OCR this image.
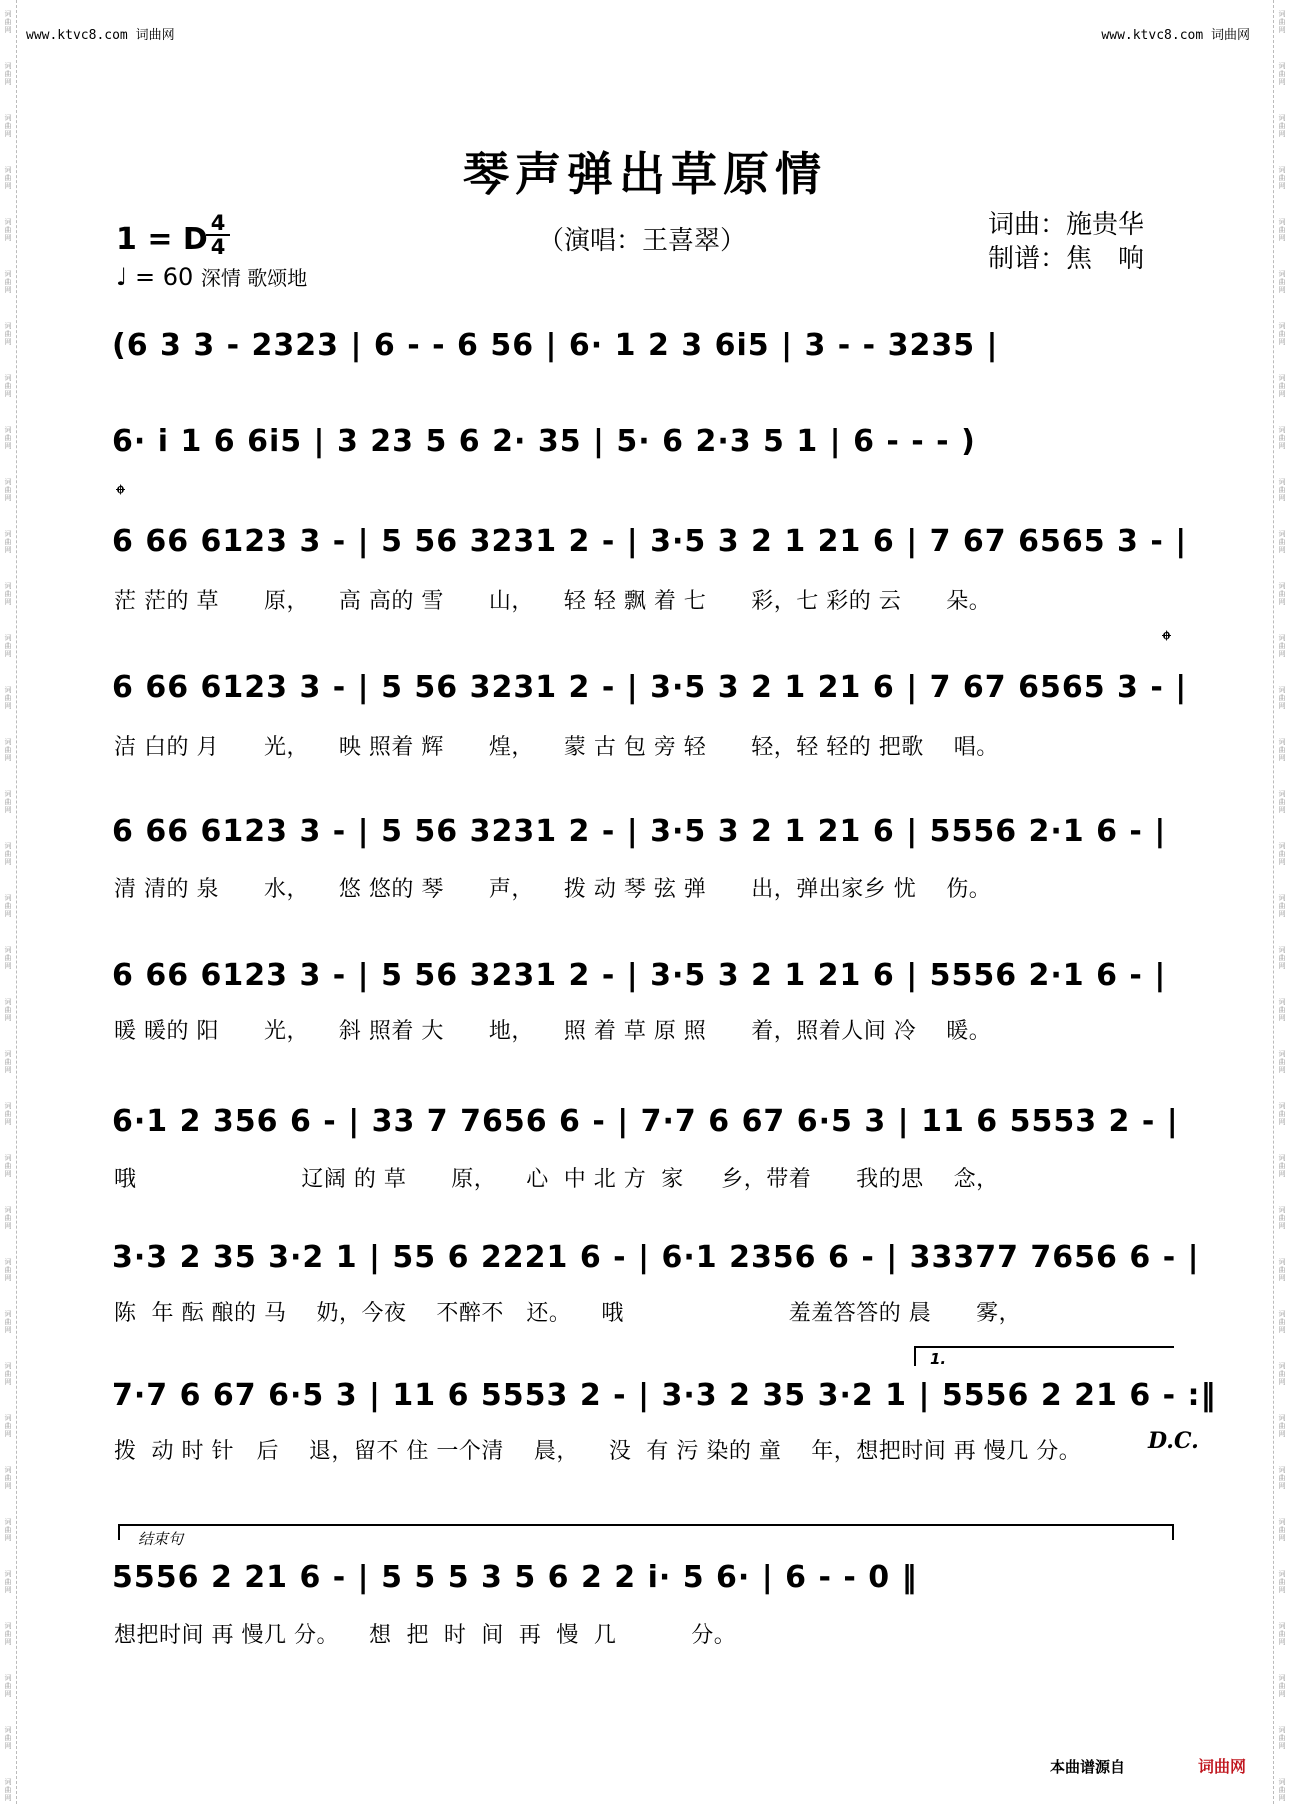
词
曲
网
词
曲
网
词
曲
网
词
曲
网
词
曲
网
词
曲
网
词
曲
网
词
曲
网
词
曲
网
词
曲
网
词
曲
网
词
曲
网
词
曲
网
词
曲
网
词
曲
网
词
曲
网
词
曲
网
词
曲
网
词
曲
网
词
曲
网
词
曲
网
词
曲
网
词
曲
网
词
曲
网
词
曲
网
词
曲
网
词
曲
网
词
曲
网
词
曲
网
词
曲
网
词
曲
网
词
曲
网
词
曲
网
词
曲
网
词
曲
网
词
曲
网
词
曲
网
词
曲
网
词
曲
网
词
曲
网
词
曲
网
词
曲
网
词
曲
网
词
曲
网
词
曲
网
词
曲
网
词
曲
网
词
曲
网
词
曲
网
词
曲
网
词
曲
网
词
曲
网
词
曲
网
词
曲
网
词
曲
网
词
曲
网
词
曲
网
词
曲
网
词
曲
网
词
曲
网
词
曲
网
词
曲
网
词
曲
网
词
曲
网
词
曲
网
词
曲
网
词
曲
网
词
曲
网
词
曲
网
词
曲
网
www.ktvc8.com 词曲网	www.ktvc8.com 词曲网
琴声弹出草原情
1 = D 4
4
♩ = 60 深情 歌颂地
（演唱：王喜翠）
词曲：施贵华
制谱：焦　响
(6 3 3 - 2323 | 6 - - 6 56 | 6· 1 2 3 6i5 | 3 - - 3235 |
6· i 1 6 6i5 | 3 23 5 6 2· 35 | 5· 6 2·3 5 1 | 6 - - - )
𝄌
6 66 6123 3 - | 5 56 3231 2 - | 3·5 3 2 1 21 6 | 7 67 6565 3 - |
茫 茫的 草      原，    高 高的 雪      山，    轻 轻 飘 着 七      彩，七 彩的 云      朵。
𝄌
6 66 6123 3 - | 5 56 3231 2 - | 3·5 3 2 1 21 6 | 7 67 6565 3 - |
洁 白的 月      光，    映 照着 辉      煌，    蒙 古 包 旁 轻      轻，轻 轻的 把歌    唱。
6 66 6123 3 - | 5 56 3231 2 - | 3·5 3 2 1 21 6 | 5556 2·1 6 - |
清 清的 泉      水，    悠 悠的 琴      声，    拨 动 琴 弦 弹      出，弹出家乡 忧    伤。
6 66 6123 3 - | 5 56 3231 2 - | 3·5 3 2 1 21 6 | 5556 2·1 6 - |
暖 暖的 阳      光，    斜 照着 大      地，    照 着 草 原 照      着，照着人间 冷    暖。
6·1 2 356 6 - | 33 7 7656 6 - | 7·7 6 67 6·5 3 | 11 6 5553 2 - |
哦                      辽阔 的 草      原，    心  中 北 方  家     乡，带着      我的思    念，
3·3 2 35 3·2 1 | 55 6 2221 6 - | 6·1 2356 6 - | 33377 7656 6 - |
陈  年 酝 酿的 马    奶，今夜    不醉不   还。    哦                      羞羞答答的 晨      雾，
1.
7·7 6 67 6·5 3 | 11 6 5553 2 - | 3·3 2 35 3·2 1 | 5556 2 21 6 - :‖
拨  动 时 针   后    退，留不 住 一个清    晨，    没  有 污 染的 童    年，想把时间 再 慢几 分。	D.C.
结束句
5556 2 21 6 - | 5 5 5 3 5 6 2 2 i· 5 6· | 6 - - 0 ‖
想把时间 再 慢几 分。    想  把  时  间  再  慢  几          分。
本曲谱源自	词曲网
